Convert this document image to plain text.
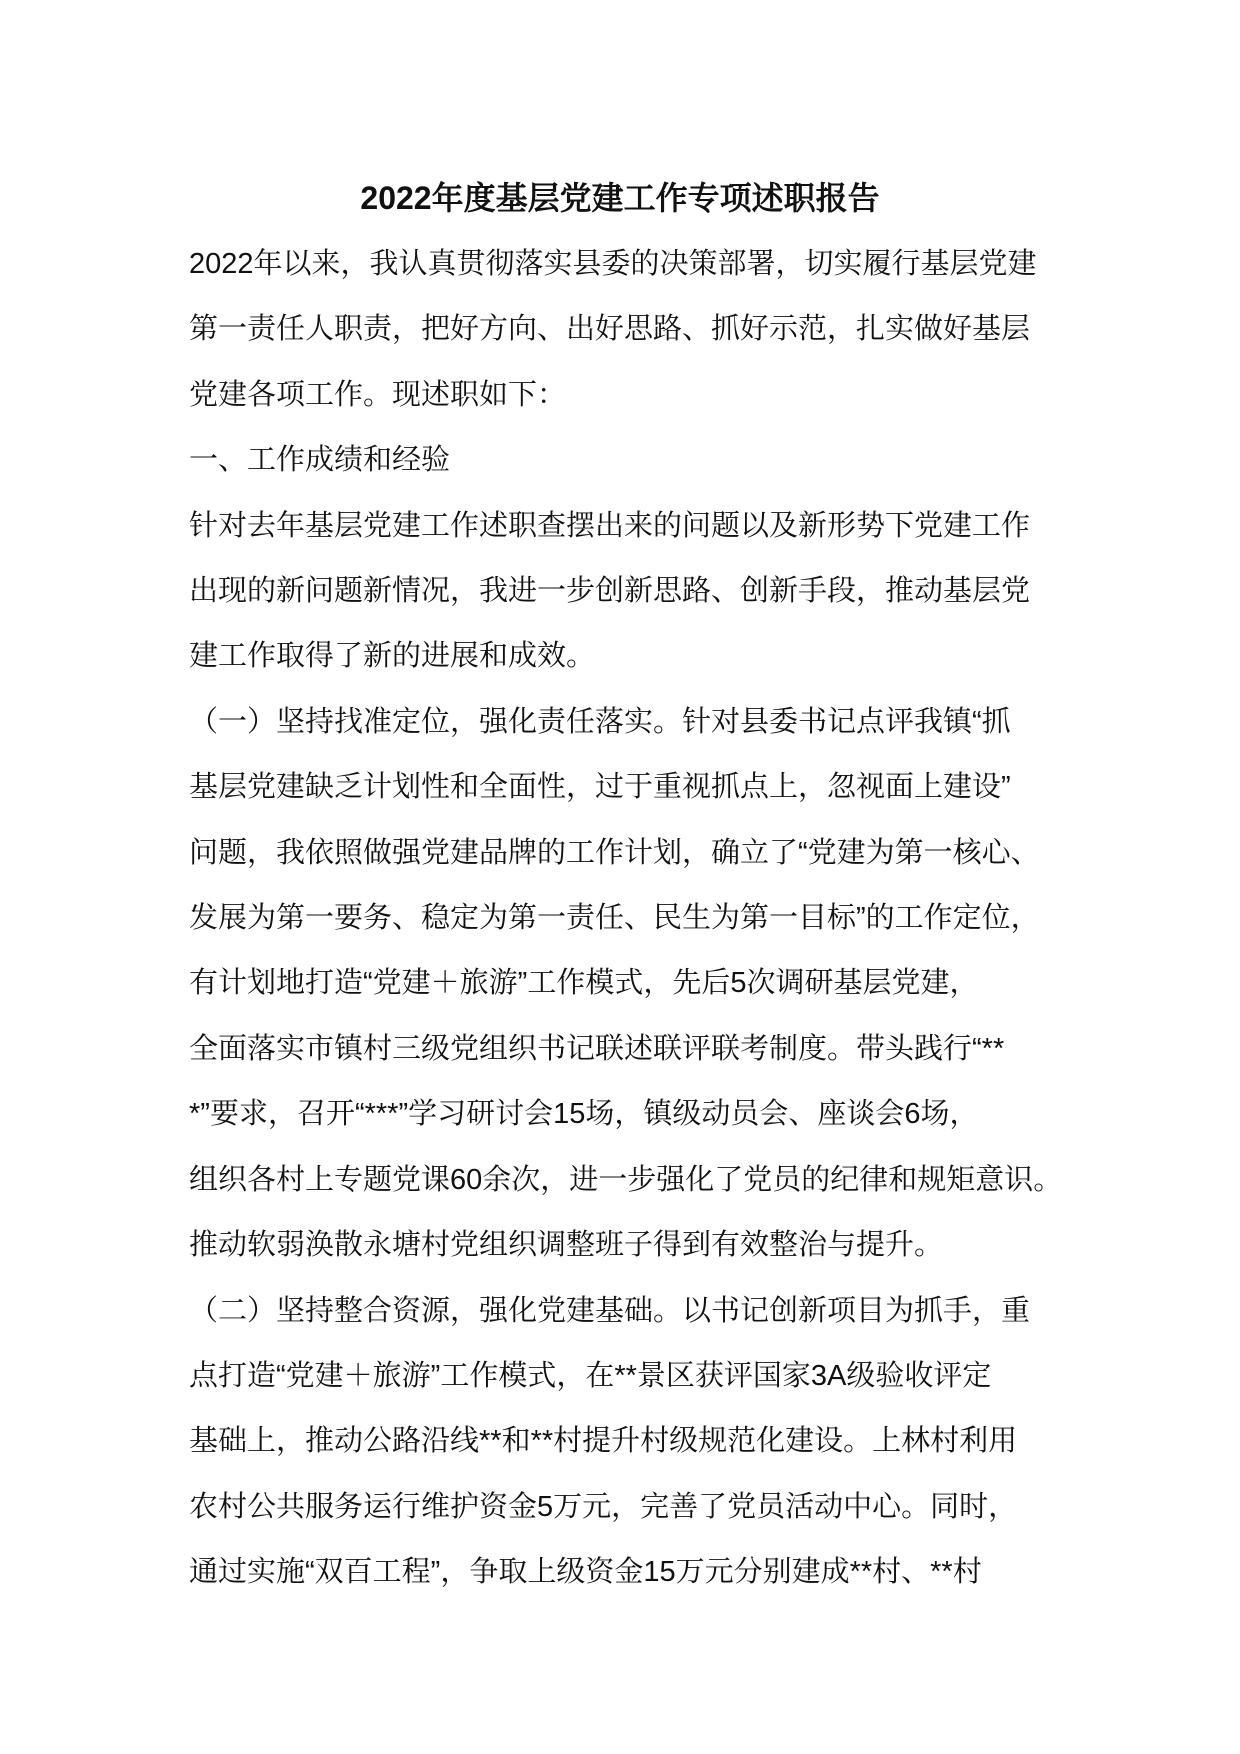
2022年度基层党建工作专项述职报告
2022年以来，我认真贯彻落实县委的决策部署，切实履行基层党建
第一责任人职责，把好方向、出好思路、抓好示范，扎实做好基层
党建各项工作。现述职如下：
一、工作成绩和经验
针对去年基层党建工作述职查摆出来的问题以及新形势下党建工作
出现的新问题新情况，我进一步创新思路、创新手段，推动基层党
建工作取得了新的进展和成效。
（一）坚持找准定位，强化责任落实。针对县委书记点评我镇“抓
基层党建缺乏计划性和全面性，过于重视抓点上，忽视面上建设”
问题，我依照做强党建品牌的工作计划，确立了“党建为第一核心、
发展为第一要务、稳定为第一责任、民生为第一目标”的工作定位，
有计划地打造“党建＋旅游”工作模式，先后5次调研基层党建，
全面落实市镇村三级党组织书记联述联评联考制度。带头践行“**
*”要求，召开“***”学习研讨会15场，镇级动员会、座谈会6场，
组织各村上专题党课60余次，进一步强化了党员的纪律和规矩意识。
推动软弱涣散永塘村党组织调整班子得到有效整治与提升。
（二）坚持整合资源，强化党建基础。以书记创新项目为抓手，重
点打造“党建＋旅游”工作模式，在**景区获评国家3A级验收评定
基础上，推动公路沿线**和**村提升村级规范化建设。上林村利用
农村公共服务运行维护资金5万元，完善了党员活动中心。同时，
通过实施“双百工程”，争取上级资金15万元分别建成**村、**村
